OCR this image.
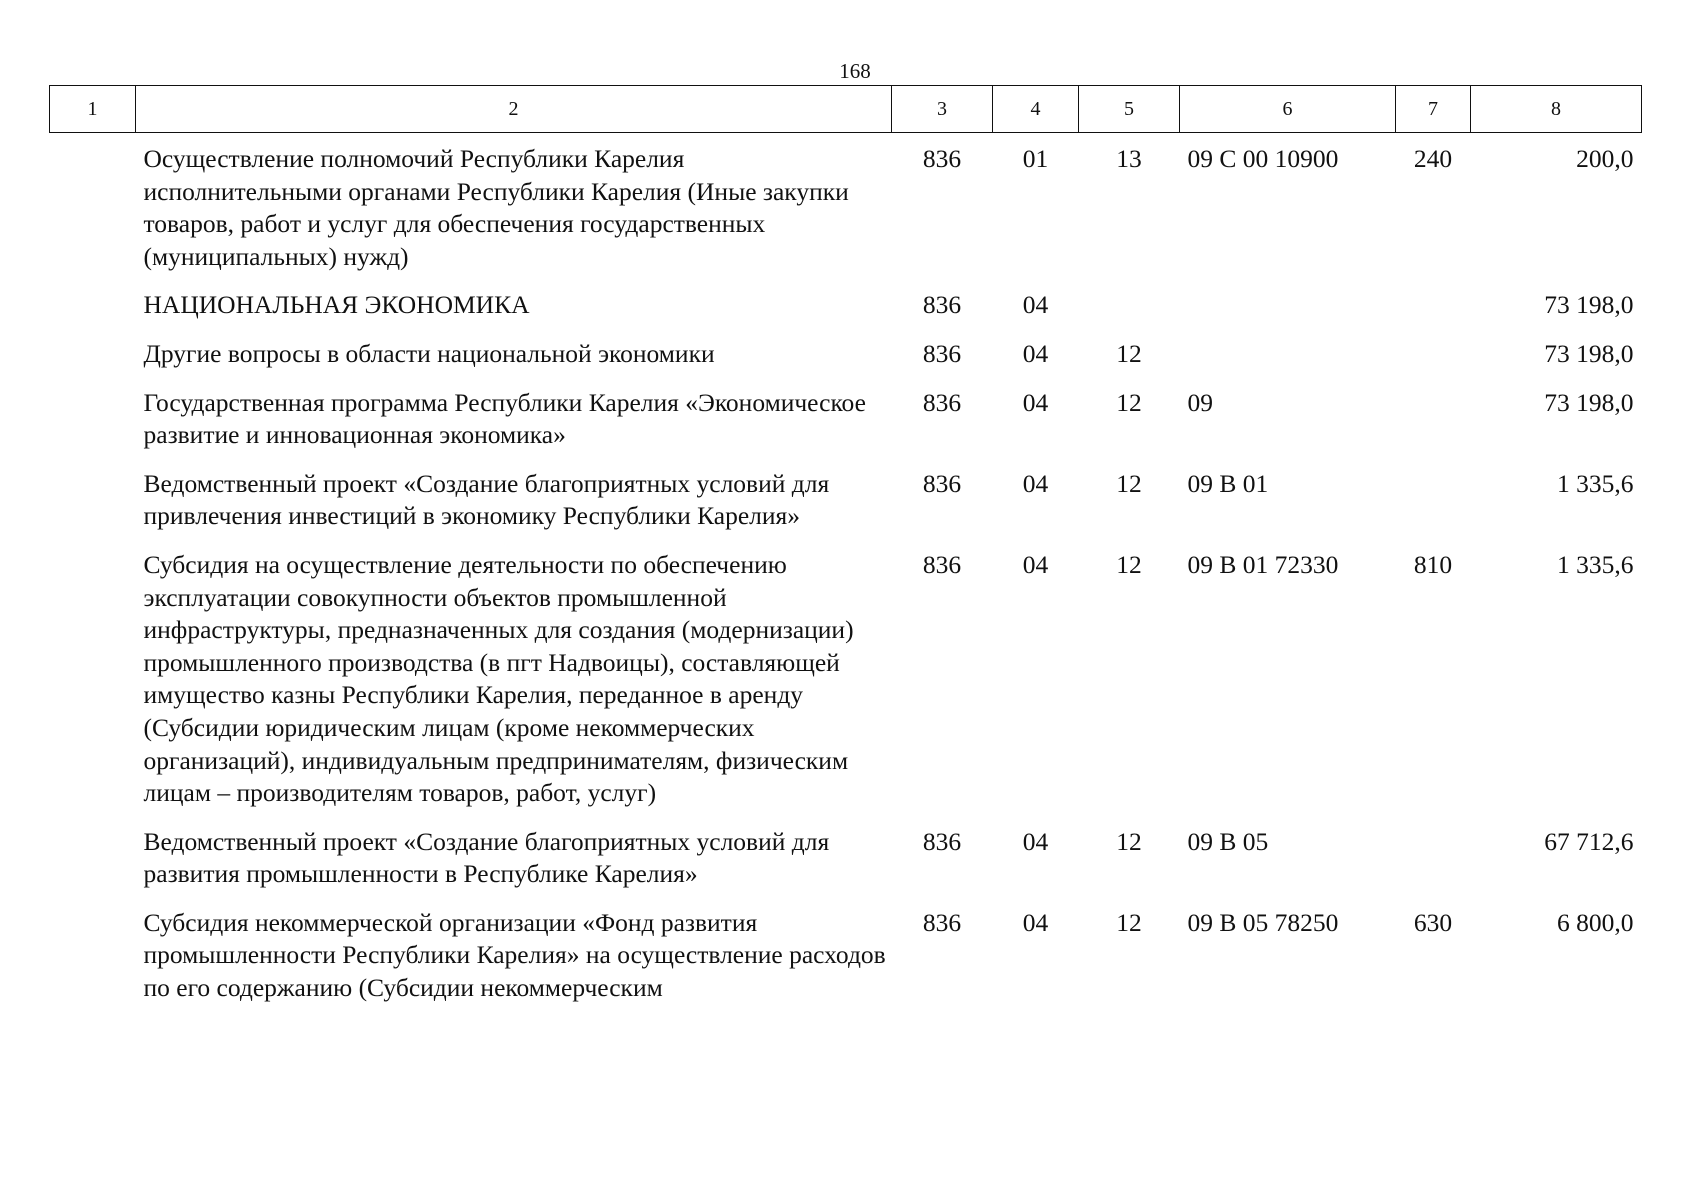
168
1	2	3	4	5	6	7	8
	Осуществление полномочий Республики Карелия исполнительными органами Республики Карелия (Иные закупки товаров, работ и услуг для обеспечения государственных (муниципальных) нужд)	836	01	13	09 С 00 10900	240	200,0
	НАЦИОНАЛЬНАЯ ЭКОНОМИКА	836	04				73 198,0
	Другие вопросы в области национальной экономики	836	04	12			73 198,0
	Государственная программа Республики Карелия «Экономическое развитие и инновационная экономика»	836	04	12	09		73 198,0
	Ведомственный проект «Создание благоприятных условий для привлечения инвестиций в экономику Республики Карелия»	836	04	12	09 В 01		1 335,6
	Субсидия на осуществление деятельности по обеспечению эксплуатации совокупности объектов промышленной инфраструктуры, предназначенных для создания (модернизации) промышленного производства (в пгт Надвоицы), составляющей имущество казны Республики Карелия, переданное в аренду (Субсидии юридическим лицам (кроме некоммерческих организаций), индивидуальным предпринимателям, физическим лицам – производителям товаров, работ, услуг)	836	04	12	09 В 01 72330	810	1 335,6
	Ведомственный проект «Создание благоприятных условий для развития промышленности в Республике Карелия»	836	04	12	09 В 05		67 712,6
	Субсидия некоммерческой организации «Фонд развития промышленности Республики Карелия» на осуществление расходов по его содержанию (Субсидии некоммерческим	836	04	12	09 В 05 78250	630	6 800,0
